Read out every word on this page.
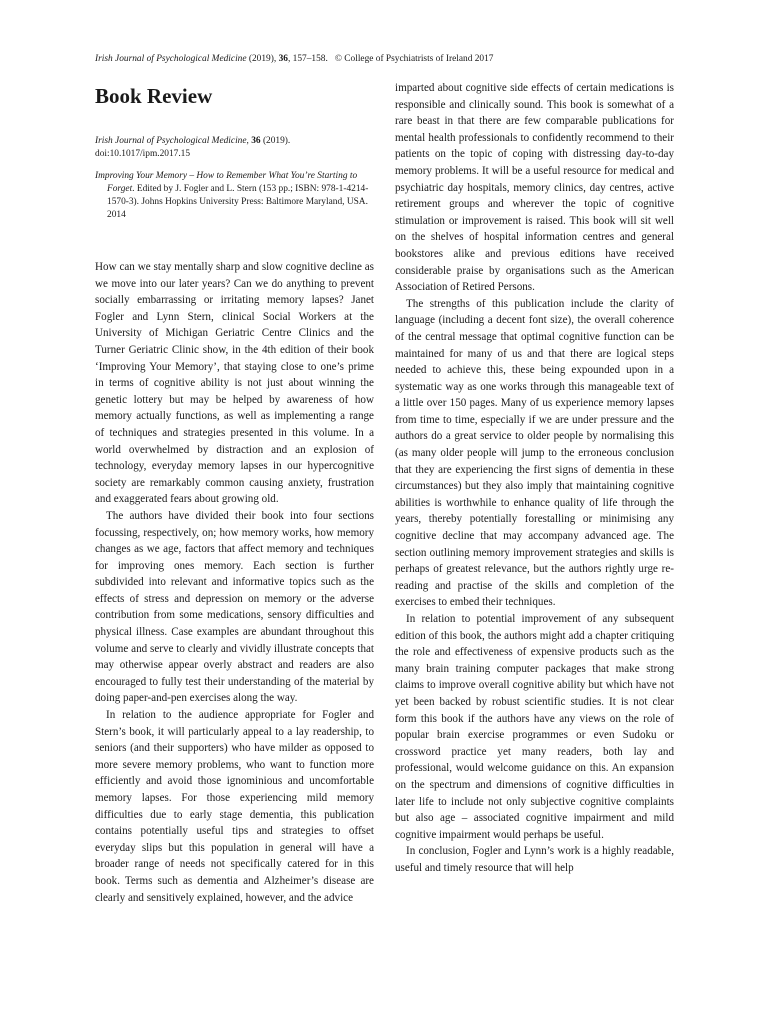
Irish Journal of Psychological Medicine (2019), 36, 157–158. © College of Psychiatrists of Ireland 2017
Book Review
Irish Journal of Psychological Medicine, 36 (2019).
doi:10.1017/ipm.2017.15
Improving Your Memory – How to Remember What You’re Starting to Forget. Edited by J. Fogler and L. Stern (153 pp.; ISBN: 978-1-4214-1570-3). Johns Hopkins University Press: Baltimore Maryland, USA. 2014

How can we stay mentally sharp and slow cognitive decline as we move into our later years? Can we do anything to prevent socially embarrassing or irritating memory lapses? Janet Fogler and Lynn Stern, clinical Social Workers at the University of Michigan Geriatric Centre Clinics and the Turner Geriatric Clinic show, in the 4th edition of their book ‘Improving Your Memory’, that staying close to one’s prime in terms of cognitive ability is not just about winning the genetic lottery but may be helped by awareness of how memory actually functions, as well as implementing a range of techniques and strategies presented in this volume. In a world overwhelmed by distraction and an explosion of technology, everyday memory lapses in our hypercognitive society are remarkably common causing anxiety, frustration and exaggerated fears about growing old.

The authors have divided their book into four sections focussing, respectively, on; how memory works, how memory changes as we age, factors that affect memory and techniques for improving ones memory. Each section is further subdivided into relevant and informative topics such as the effects of stress and depression on memory or the adverse contribution from some medications, sensory difficulties and physical illness. Case examples are abundant throughout this volume and serve to clearly and vividly illustrate concepts that may otherwise appear overly abstract and readers are also encouraged to fully test their understanding of the material by doing paper-and-pen exercises along the way.

In relation to the audience appropriate for Fogler and Stern’s book, it will particularly appeal to a lay readership, to seniors (and their supporters) who have milder as opposed to more severe memory problems, who want to function more efficiently and avoid those ignominious and uncomfortable memory lapses. For those experiencing mild memory difficulties due to early stage dementia, this publication contains potentially useful tips and strategies to offset everyday slips but this population in general will have a broader range of needs not specifically catered for in this book. Terms such as dementia and Alzheimer’s disease are clearly and sensitively explained, however, and the advice

imparted about cognitive side effects of certain medications is responsible and clinically sound. This book is somewhat of a rare beast in that there are few comparable publications for mental health professionals to confidently recommend to their patients on the topic of coping with distressing day-to-day memory problems. It will be a useful resource for medical and psychiatric day hospitals, memory clinics, day centres, active retirement groups and wherever the topic of cognitive stimulation or improvement is raised. This book will sit well on the shelves of hospital information centres and general bookstores alike and previous editions have received considerable praise by organisations such as the American Association of Retired Persons.

The strengths of this publication include the clarity of language (including a decent font size), the overall coherence of the central message that optimal cognitive function can be maintained for many of us and that there are logical steps needed to achieve this, these being expounded upon in a systematic way as one works through this manageable text of a little over 150 pages. Many of us experience memory lapses from time to time, especially if we are under pressure and the authors do a great service to older people by normalising this (as many older people will jump to the erroneous conclusion that they are experiencing the first signs of dementia in these circumstances) but they also imply that maintaining cognitive abilities is worthwhile to enhance quality of life through the years, thereby potentially forestalling or minimising any cognitive decline that may accompany advanced age. The section outlining memory improvement strategies and skills is perhaps of greatest relevance, but the authors rightly urge re-reading and practise of the skills and completion of the exercises to embed their techniques.

In relation to potential improvement of any subsequent edition of this book, the authors might add a chapter critiquing the role and effectiveness of expensive products such as the many brain training computer packages that make strong claims to improve overall cognitive ability but which have not yet been backed by robust scientific studies. It is not clear form this book if the authors have any views on the role of popular brain exercise programmes or even Sudoku or crossword practice yet many readers, both lay and professional, would welcome guidance on this. An expansion on the spectrum and dimensions of cognitive difficulties in later life to include not only subjective cognitive complaints but also age – associated cognitive impairment and mild cognitive impairment would perhaps be useful.

In conclusion, Fogler and Lynn’s work is a highly readable, useful and timely resource that will help
